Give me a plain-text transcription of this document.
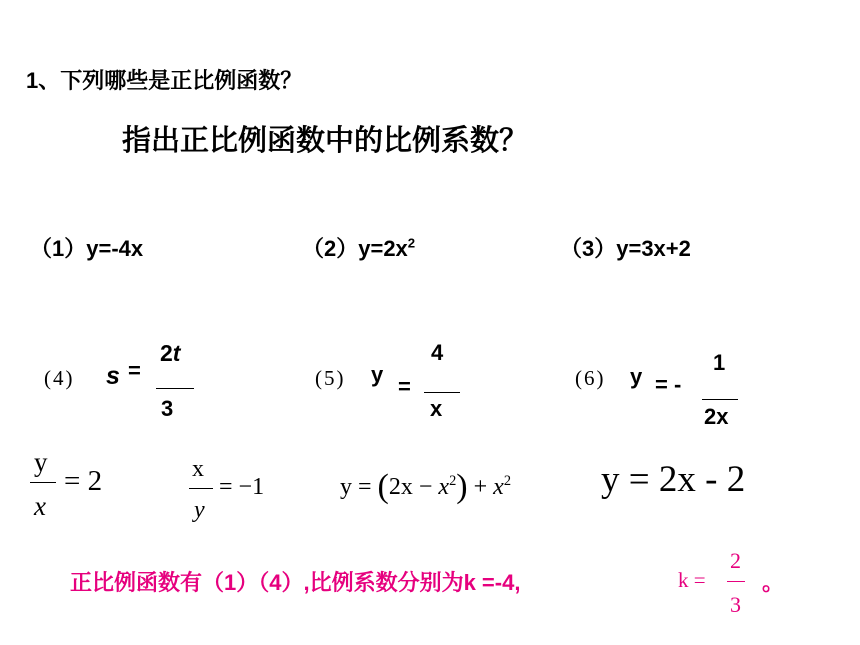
1、下列哪些是正比例函数？
指出正比例函数中的比例系数？
（1）y=-4x	$(2)y=2x^2$	（3）y=3x+2
(4) s =
2t
3
(5) y =
4
x
(6) y = -
1
2x
y
x
= 2	x
y
= −1	$y = (2x - x^2) + x^2$ y = 2x - 2
正比例函数有（1）（4）,比例系数分别为k =-4,	k =
2
3
。
